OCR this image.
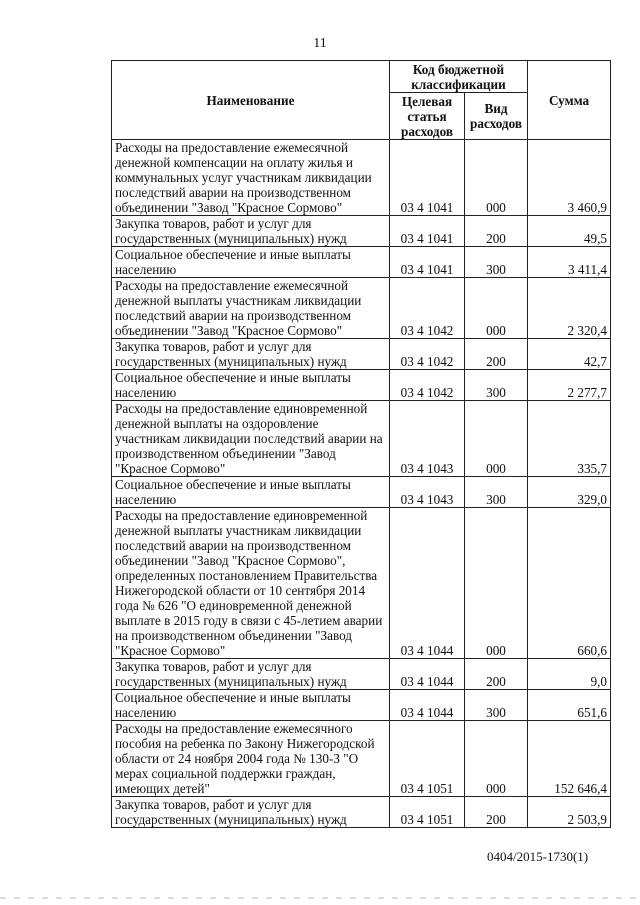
11
Наименование	Код бюджетной классификации		Сумма
	Целевая статья расходов	Вид расходов	
Расходы на предоставление ежемесячной денежной компенсации на оплату жилья и коммунальных услуг участникам ликвидации последствий аварии на производственном объединении "Завод "Красное Сормово"	03 4 1041	000	3 460,9
Закупка товаров, работ и услуг для государственных (муниципальных) нужд	03 4 1041	200	49,5
Социальное обеспечение и иные выплаты населению	03 4 1041	300	3 411,4
Расходы на предоставление ежемесячной денежной выплаты участникам ликвидации последствий аварии на производственном объединении "Завод "Красное Сормово"	03 4 1042	000	2 320,4
Закупка товаров, работ и услуг для государственных (муниципальных) нужд	03 4 1042	200	42,7
Социальное обеспечение и иные выплаты населению	03 4 1042	300	2 277,7
Расходы на предоставление единовременной денежной выплаты на оздоровление участникам ликвидации последствий аварии на производственном объединении "Завод "Красное Сормово"	03 4 1043	000	335,7
Социальное обеспечение и иные выплаты населению	03 4 1043	300	329,0
Расходы на предоставление единовременной денежной выплаты участникам ликвидации последствий аварии на производственном объединении "Завод "Красное Сормово", определенных постановлением Правительства Нижегородской области от 10 сентября 2014 года № 626 "О единовременной денежной выплате в 2015 году в связи с 45-летием аварии на производственном объединении "Завод "Красное Сормово"	03 4 1044	000	660,6
Закупка товаров, работ и услуг для государственных (муниципальных) нужд	03 4 1044	200	9,0
Социальное обеспечение и иные выплаты населению	03 4 1044	300	651,6
Расходы на предоставление ежемесячного пособия на ребенка по Закону Нижегородской области от 24 ноября 2004 года № 130-З "О мерах социальной поддержки граждан, имеющих детей"	03 4 1051	000	152 646,4
Закупка товаров, работ и услуг для государственных (муниципальных) нужд	03 4 1051	200	2 503,9
0404/2015-1730(1)
